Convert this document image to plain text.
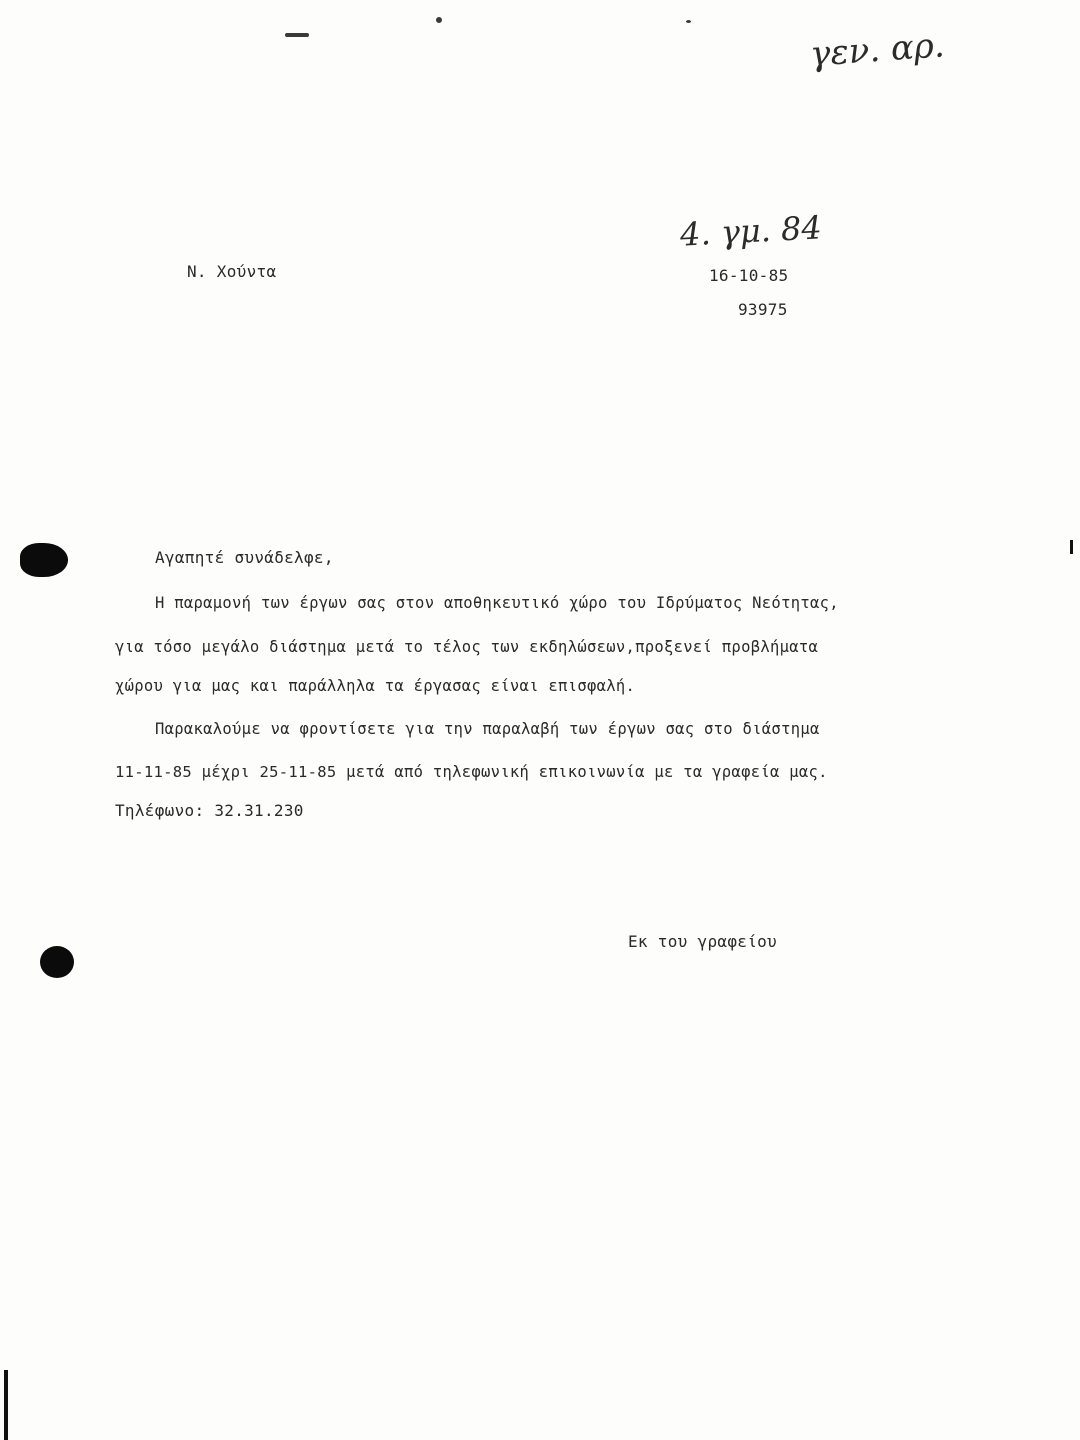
γεν. αρ.
4. γμ. 84
Ν. Χούντα	16-10-85
93975
Αγαπητέ συνάδελφε,
Η παραμονή των έργων σας στον αποθηκευτικό χώρο του Ιδρύματος Νεότητας,
για τόσο μεγάλο διάστημα μετά το τέλος των εκδηλώσεων,προξενεί προβλήματα
χώρου για μας και παράλληλα τα έργασας είναι επισφαλή.
Παρακαλούμε να φροντίσετε για την παραλαβή των έργων σας στο διάστημα
11-11-85 μέχρι 25-11-85 μετά από τηλεφωνική επικοινωνία με τα γραφεία μας.
Τηλέφωνο: 32.31.230
Εκ του γραφείου
